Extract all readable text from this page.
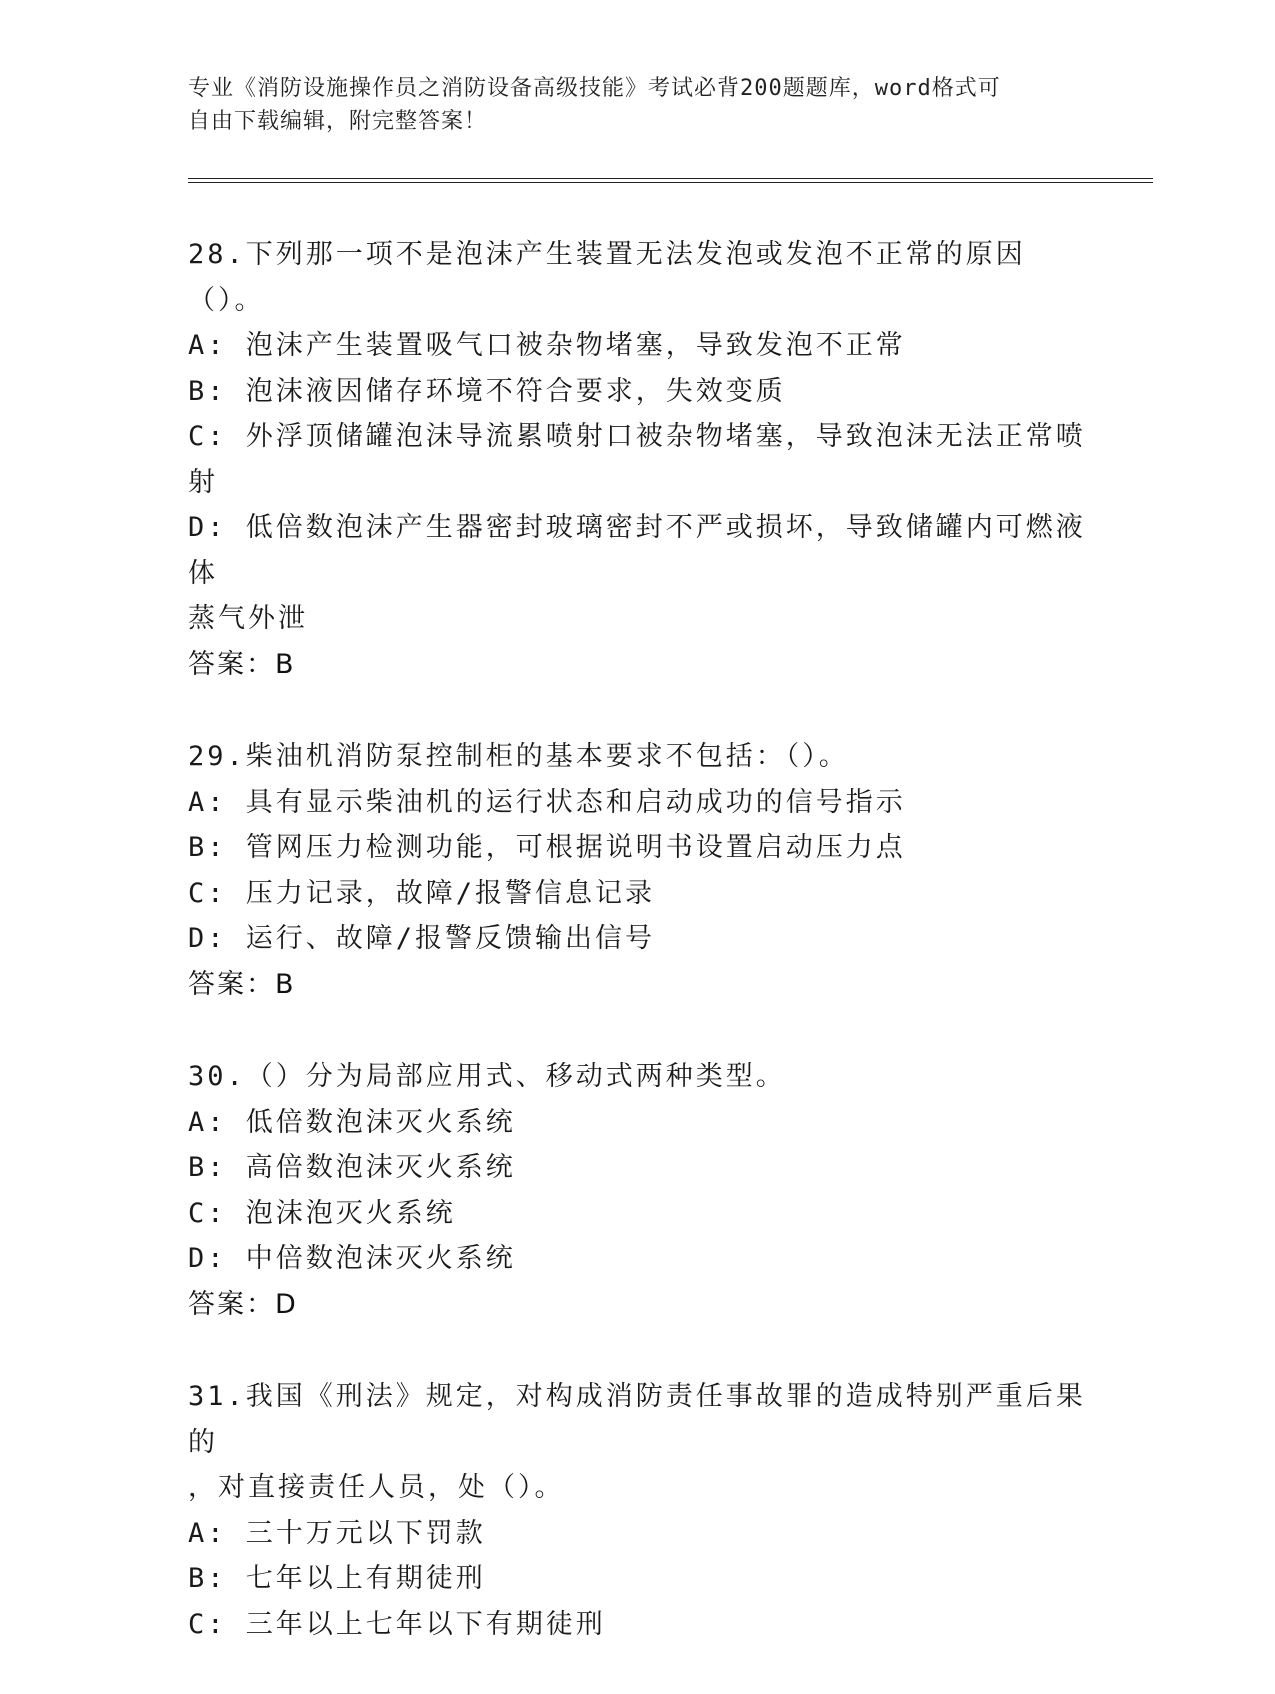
专业《消防设施操作员之消防设备高级技能》考试必背200题题库，word格式可
自由下载编辑，附完整答案！
28.下列那一项不是泡沫产生装置无法发泡或发泡不正常的原因（）。
A: 泡沫产生装置吸气口被杂物堵塞，导致发泡不正常
B: 泡沫液因储存环境不符合要求，失效变质
C: 外浮顶储罐泡沫导流累喷射口被杂物堵塞，导致泡沫无法正常喷射
D: 低倍数泡沫产生器密封玻璃密封不严或损坏，导致储罐内可燃液体
蒸气外泄
答案：B
29.柴油机消防泵控制柜的基本要求不包括：（）。
A: 具有显示柴油机的运行状态和启动成功的信号指示
B: 管网压力检测功能，可根据说明书设置启动压力点
C: 压力记录，故障/报警信息记录
D: 运行、故障/报警反馈输出信号
答案：B
30.（）分为局部应用式、移动式两种类型。
A: 低倍数泡沫灭火系统
B: 高倍数泡沫灭火系统
C: 泡沫泡灭火系统
D: 中倍数泡沫灭火系统
答案：D
31.我国《刑法》规定，对构成消防责任事故罪的造成特别严重后果的
，对直接责任人员，处（）。
A: 三十万元以下罚款
B: 七年以上有期徒刑
C: 三年以上七年以下有期徒刑
